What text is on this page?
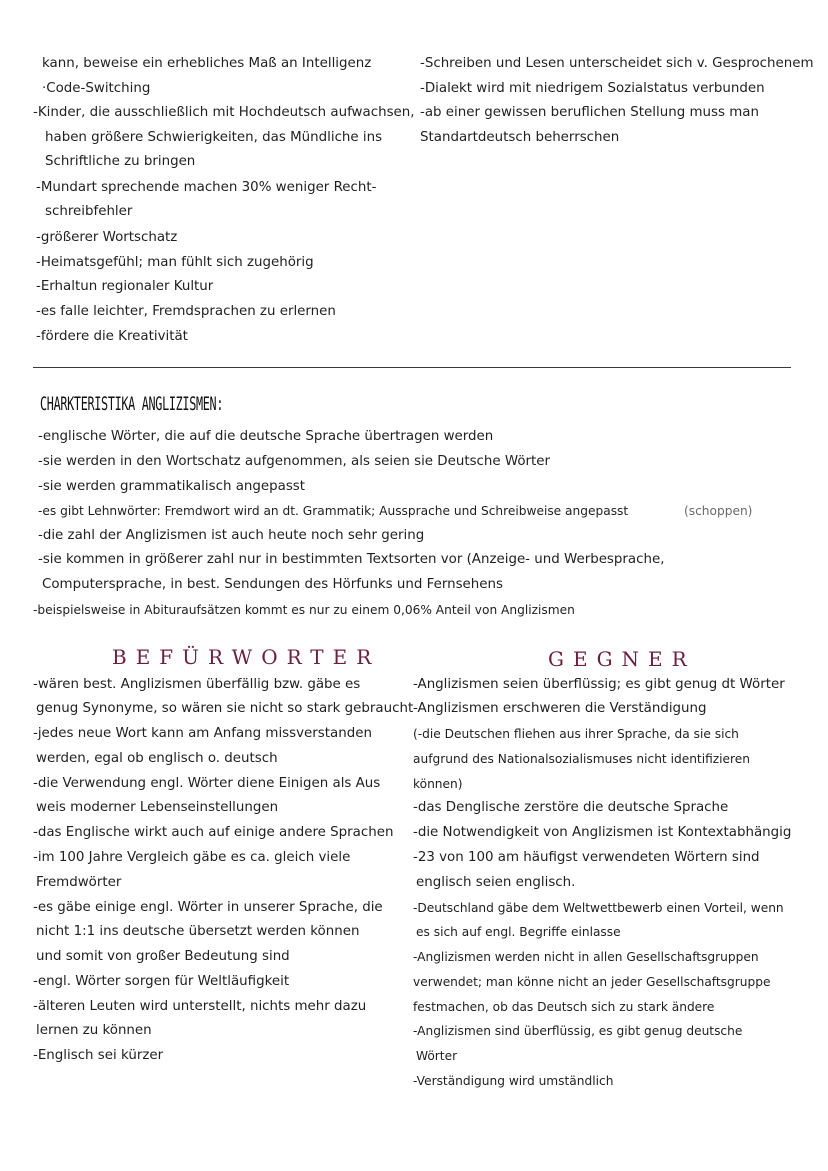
kann, beweise ein erhebliches Maß an Intelligenz
·Code-Switching
-Kinder, die ausschließlich mit Hochdeutsch aufwachsen,
haben größere Schwierigkeiten, das Mündliche ins
Schriftliche zu bringen
-Mundart sprechende machen 30% weniger Recht-
schreibfehler
-größerer Wortschatz
-Heimatsgefühl; man fühlt sich zugehörig
-Erhaltun regionaler Kultur
-es falle leichter, Fremdsprachen zu erlernen
-fördere die Kreativität
-Schreiben und Lesen unterscheidet sich v. Gesprochenem
-Dialekt wird mit niedrigem Sozialstatus verbunden
-ab einer gewissen beruflichen Stellung muss man
Standartdeutsch beherrschen
CHARKTERISTIKA ANGLIZISMEN:
-englische Wörter, die auf die deutsche Sprache übertragen werden
-sie werden in den Wortschatz aufgenommen, als seien sie Deutsche Wörter
-sie werden grammatikalisch angepasst
-es gibt Lehnwörter: Fremdwort wird an dt. Grammatik; Aussprache und Schreibweise angepasst	(schoppen)
-die zahl der Anglizismen ist auch heute noch sehr gering
-sie kommen in größerer zahl nur in bestimmten Textsorten vor (Anzeige- und Werbesprache,
Computersprache, in best. Sendungen des Hörfunks und Fernsehens
-beispielsweise in Abituraufsätzen kommt es nur zu einem 0,06% Anteil von Anglizismen
BEFÜRWORTER
-wären best. Anglizismen überfällig bzw. gäbe es
genug Synonyme, so wären sie nicht so stark gebraucht
-jedes neue Wort kann am Anfang missverstanden
werden, egal ob englisch o. deutsch
-die Verwendung engl. Wörter diene Einigen als Aus
weis moderner Lebenseinstellungen
-das Englische wirkt auch auf einige andere Sprachen
-im 100 Jahre Vergleich gäbe es ca. gleich viele
Fremdwörter
-es gäbe einige engl. Wörter in unserer Sprache, die
nicht 1:1 ins deutsche übersetzt werden können
und somit von großer Bedeutung sind
-engl. Wörter sorgen für Weltläufigkeit
-älteren Leuten wird unterstellt, nichts mehr dazu
lernen zu können
-Englisch sei kürzer
GEGNER
-Anglizismen seien überflüssig; es gibt genug dt Wörter
-Anglizismen erschweren die Verständigung
(-die Deutschen fliehen aus ihrer Sprache, da sie sich
aufgrund des Nationalsozialismuses nicht identifizieren
können)
-das Denglische zerstöre die deutsche Sprache
-die Notwendigkeit von Anglizismen ist Kontextabhängig
-23 von 100 am häufigst verwendeten Wörtern sind
englisch seien englisch.
-Deutschland gäbe dem Weltwettbewerb einen Vorteil, wenn
es sich auf engl. Begriffe einlasse
-Anglizismen werden nicht in allen Gesellschaftsgruppen
verwendet; man könne nicht an jeder Gesellschaftsgruppe
festmachen, ob das Deutsch sich zu stark ändere
-Anglizismen sind überflüssig, es gibt genug deutsche
Wörter
-Verständigung wird umständlich
